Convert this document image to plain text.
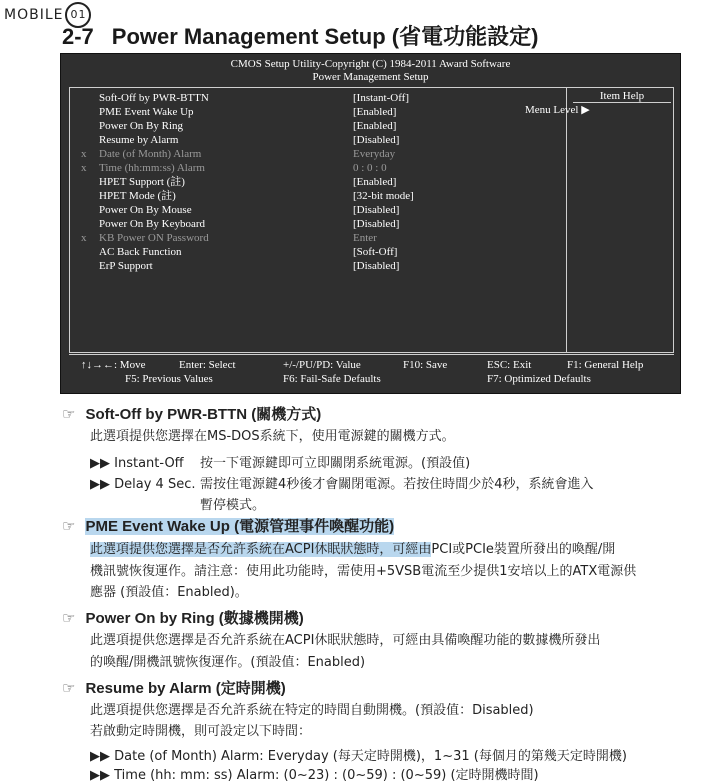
MOBILE 01
2-7 Power Management Setup (省電功能設定)
CMOS Setup Utility-Copyright (C) 1984-2011 Award Software
Power Management Setup
Item Help
Menu Level ▶
Soft-Off by PWR-BTTN	[Instant-Off]
PME Event Wake Up	[Enabled]
Power On By Ring	[Enabled]
Resume by Alarm	[Disabled]
x Date (of Month) Alarm	Everyday
x Time (hh:mm:ss) Alarm	0 : 0 : 0
HPET Support (註)	[Enabled]
HPET Mode (註)	[32-bit mode]
Power On By Mouse	[Disabled]
Power On By Keyboard	[Disabled]
x KB Power ON Password	Enter
AC Back Function	[Soft-Off]
ErP Support	[Disabled]
↑↓→←: Move	Enter: Select	+/-/PU/PD: Value	F10: Save	ESC: Exit	F1: General Help
F5: Previous Values	F6: Fail-Safe Defaults	F7: Optimized Defaults
☞ Soft-Off by PWR-BTTN (關機方式)
此選項提供您選擇在MS-DOS系統下，使用電源鍵的關機方式。
▶▶ Instant-Off 按一下電源鍵即可立即關閉系統電源。(預設值)
▶▶ Delay 4 Sec. 需按住電源鍵4秒後才會關閉電源。若按住時間少於4秒，系統會進入
暫停模式。
☞ PME Event Wake Up (電源管理事件喚醒功能)
此選項提供您選擇是否允許系統在ACPI休眠狀態時，可經由PCI或PCIe裝置所發出的喚醒/開
機訊號恢復運作。請注意：使用此功能時，需使用+5VSB電流至少提供1安培以上的ATX電源供
應器 (預設值：Enabled)。
☞ Power On by Ring (數據機開機)
此選項提供您選擇是否允許系統在ACPI休眠狀態時，可經由具備喚醒功能的數據機所發出
的喚醒/開機訊號恢復運作。(預設值：Enabled)
☞ Resume by Alarm (定時開機)
此選項提供您選擇是否允許系統在特定的時間自動開機。(預設值：Disabled)
若啟動定時開機，則可設定以下時間：
▶▶ Date (of Month) Alarm: Everyday (每天定時開機)，1~31 (每個月的第幾天定時開機)
▶▶ Time (hh: mm: ss) Alarm: (0~23) : (0~59) : (0~59) (定時開機時間)
